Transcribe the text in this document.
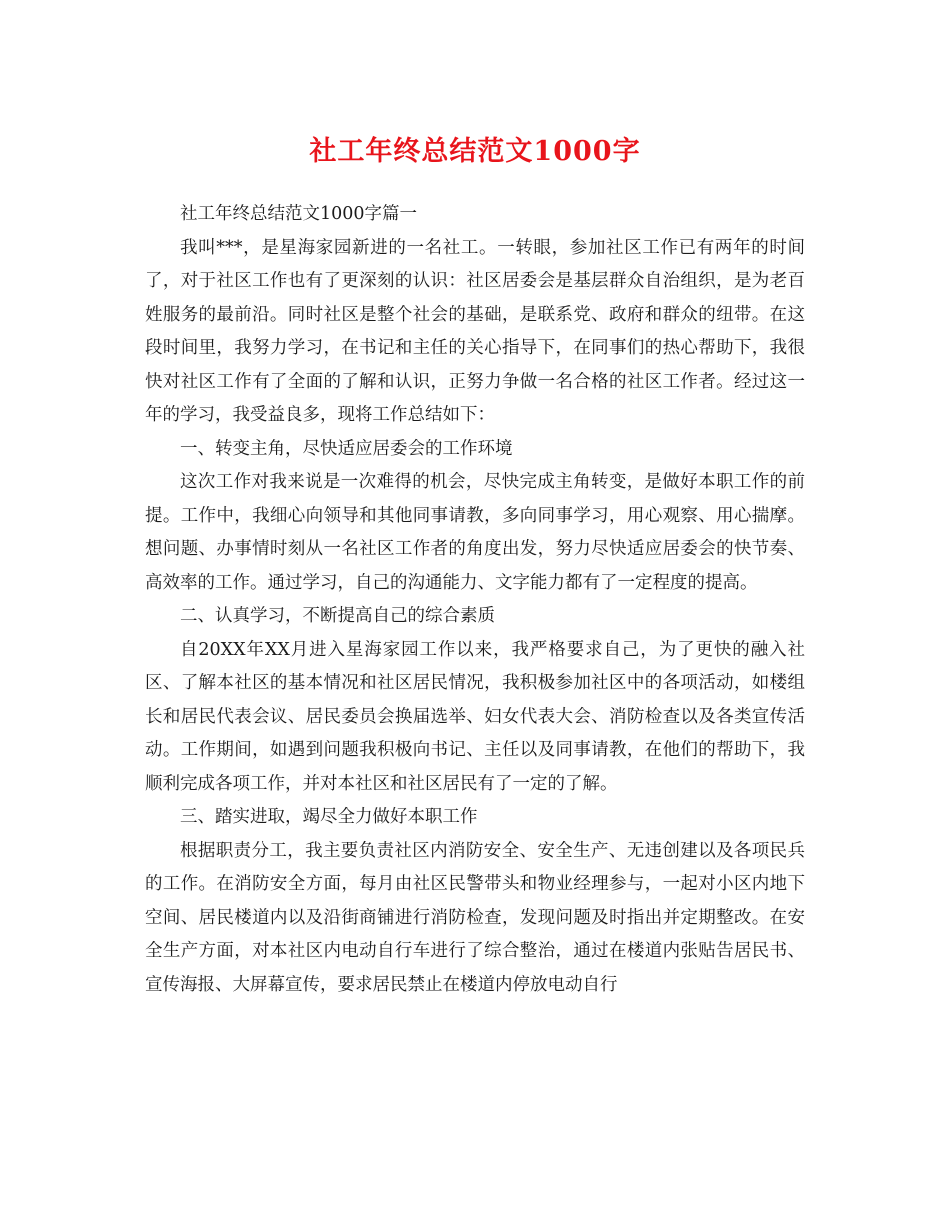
社工年终总结范文1000字

社工年终总结范文1000字篇一

我叫***，是星海家园新进的一名社工。一转眼，参加社区工作已有两年的时间了，对于社区工作也有了更深刻的认识：社区居委会是基层群众自治组织，是为老百姓服务的最前沿。同时社区是整个社会的基础，是联系党、政府和群众的纽带。在这段时间里，我努力学习，在书记和主任的关心指导下，在同事们的热心帮助下，我很快对社区工作有了全面的了解和认识，正努力争做一名合格的社区工作者。经过这一年的学习，我受益良多，现将工作总结如下：

一、转变主角，尽快适应居委会的工作环境

这次工作对我来说是一次难得的机会，尽快完成主角转变，是做好本职工作的前提。工作中，我细心向领导和其他同事请教，多向同事学习，用心观察、用心揣摩。想问题、办事情时刻从一名社区工作者的角度出发，努力尽快适应居委会的快节奏、高效率的工作。通过学习，自己的沟通能力、文字能力都有了一定程度的提高。

二、认真学习，不断提高自己的综合素质

自20XX年XX月进入星海家园工作以来，我严格要求自己，为了更快的融入社区、了解本社区的基本情况和社区居民情况，我积极参加社区中的各项活动，如楼组长和居民代表会议、居民委员会换届选举、妇女代表大会、消防检查以及各类宣传活动。工作期间，如遇到问题我积极向书记、主任以及同事请教，在他们的帮助下，我顺利完成各项工作，并对本社区和社区居民有了一定的了解。

三、踏实进取，竭尽全力做好本职工作

根据职责分工，我主要负责社区内消防安全、安全生产、无违创建以及各项民兵的工作。在消防安全方面，每月由社区民警带头和物业经理参与，一起对小区内地下空间、居民楼道内以及沿街商铺进行消防检查，发现问题及时指出并定期整改。在安全生产方面，对本社区内电动自行车进行了综合整治，通过在楼道内张贴告居民书、宣传海报、大屏幕宣传，要求居民禁止在楼道内停放电动自行
